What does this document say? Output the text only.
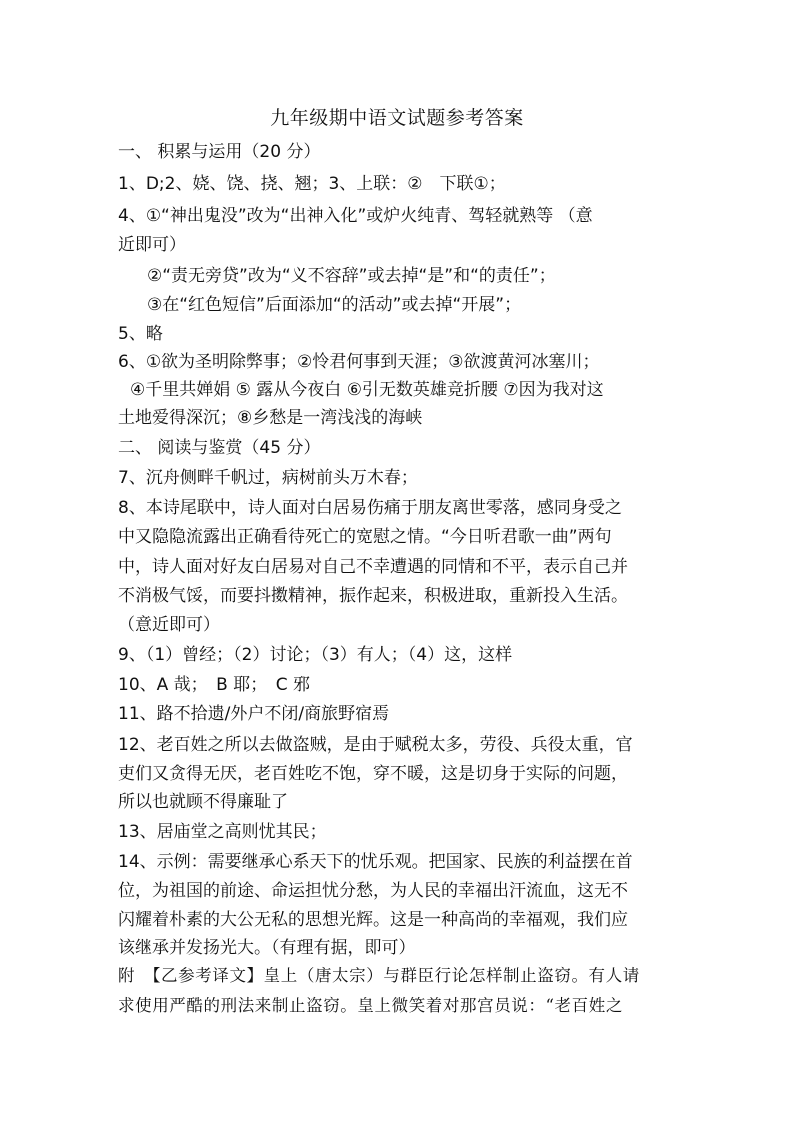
九年级期中语文试题参考答案
一、 积累与运用（20 分）
1、D;2、娆、饶、挠、翘；3、上联：②　下联①；
4、①“神出鬼没”改为“出神入化”或炉火纯青、驾轻就熟等 （意
近即可）
②“责无旁贷”改为“义不容辞”或去掉“是”和“的责任”；
③在“红色短信”后面添加“的活动”或去掉“开展”；
5、略
6、①欲为圣明除弊事；②怜君何事到天涯；③欲渡黄河冰塞川；
④千里共婵娟 ⑤ 露从今夜白 ⑥引无数英雄竞折腰 ⑦因为我对这
土地爱得深沉；⑧乡愁是一湾浅浅的海峡
二、 阅读与鉴赏（45 分）
7、沉舟侧畔千帆过，病树前头万木春；
8、本诗尾联中，诗人面对白居易伤痛于朋友离世零落，感同身受之
中又隐隐流露出正确看待死亡的宽慰之情。“今日听君歌一曲”两句
中，诗人面对好友白居易对自己不幸遭遇的同情和不平，表示自己并
不消极气馁，而要抖擞精神，振作起来，积极进取，重新投入生活。
（意近即可）
9、（1）曾经；（2）讨论；（3）有人；（4）这，这样
10、A 哉；　B 耶；　C 邪
11、路不拾遗/外户不闭/商旅野宿焉
12、老百姓之所以去做盗贼，是由于赋税太多，劳役、兵役太重，官
吏们又贪得无厌，老百姓吃不饱，穿不暖，这是切身于实际的问题，
所以也就顾不得廉耻了
13、居庙堂之高则忧其民；
14、示例：需要继承心系天下的忧乐观。把国家、民族的利益摆在首
位，为祖国的前途、命运担忧分愁，为人民的幸福出汗流血，这无不
闪耀着朴素的大公无私的思想光辉。这是一种高尚的幸福观，我们应
该继承并发扬光大。（有理有据，即可）
附　【乙参考译文】皇上（唐太宗）与群臣行论怎样制止盗窃。有人请
求使用严酷的刑法来制止盗窃。皇上微笑着对那宫员说：“老百姓之
